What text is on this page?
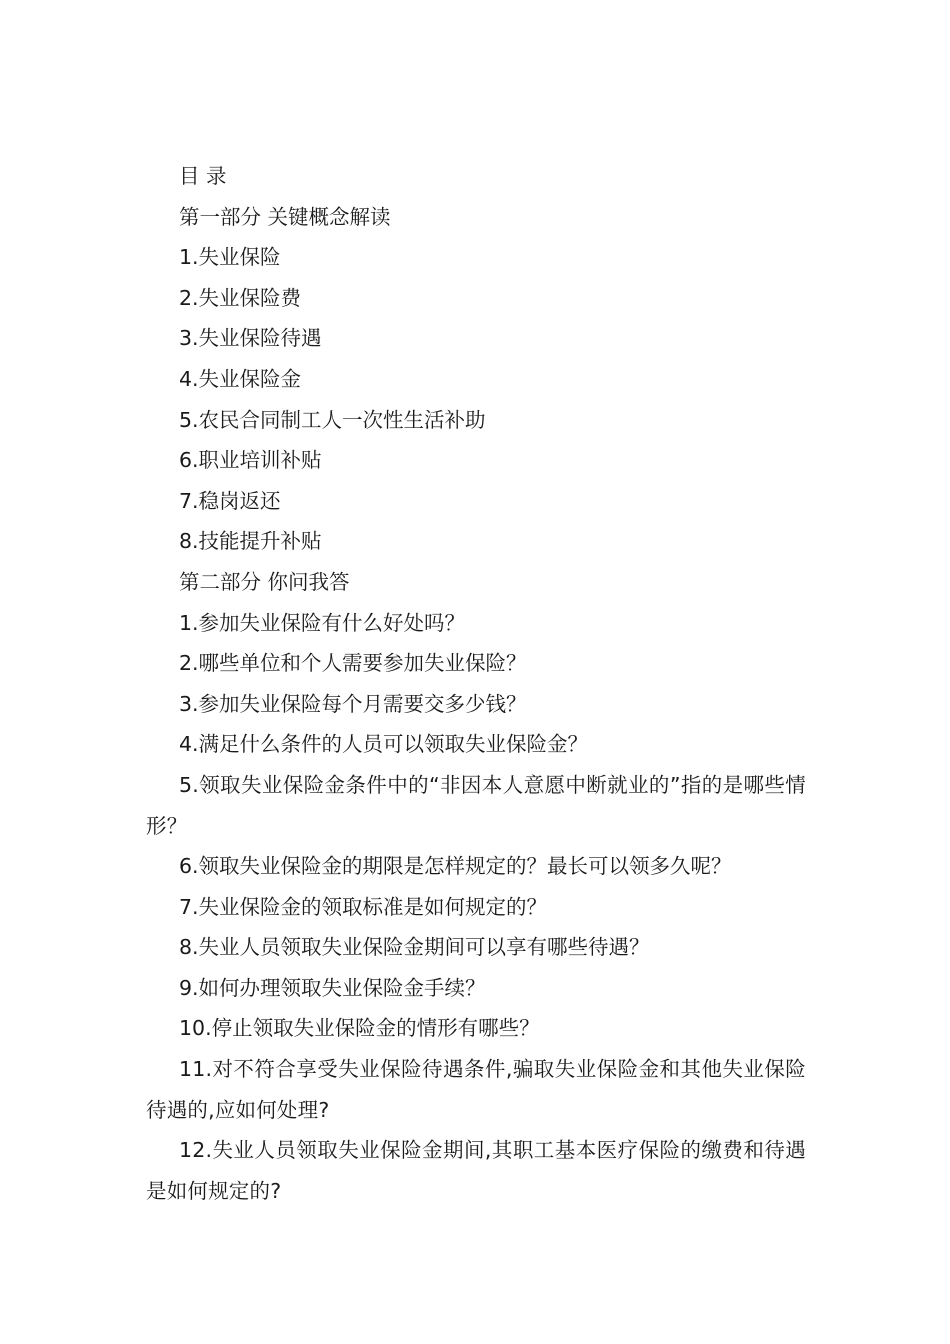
目 录
第一部分 关键概念解读
1.失业保险
2.失业保险费
3.失业保险待遇
4.失业保险金
5.农民合同制工人一次性生活补助
6.职业培训补贴
7.稳岗返还
8.技能提升补贴
第二部分 你问我答
1.参加失业保险有什么好处吗？
2.哪些单位和个人需要参加失业保险？
3.参加失业保险每个月需要交多少钱？
4.满足什么条件的人员可以领取失业保险金？
5.领取失业保险金条件中的“非因本人意愿中断就业的”指的是哪些情形？
6.领取失业保险金的期限是怎样规定的？最长可以领多久呢？
7.失业保险金的领取标准是如何规定的？
8.失业人员领取失业保险金期间可以享有哪些待遇？
9.如何办理领取失业保险金手续？
10.停止领取失业保险金的情形有哪些？
11.对不符合享受失业保险待遇条件,骗取失业保险金和其他失业保险待遇的,应如何处理?
12.失业人员领取失业保险金期间,其职工基本医疗保险的缴费和待遇是如何规定的?
